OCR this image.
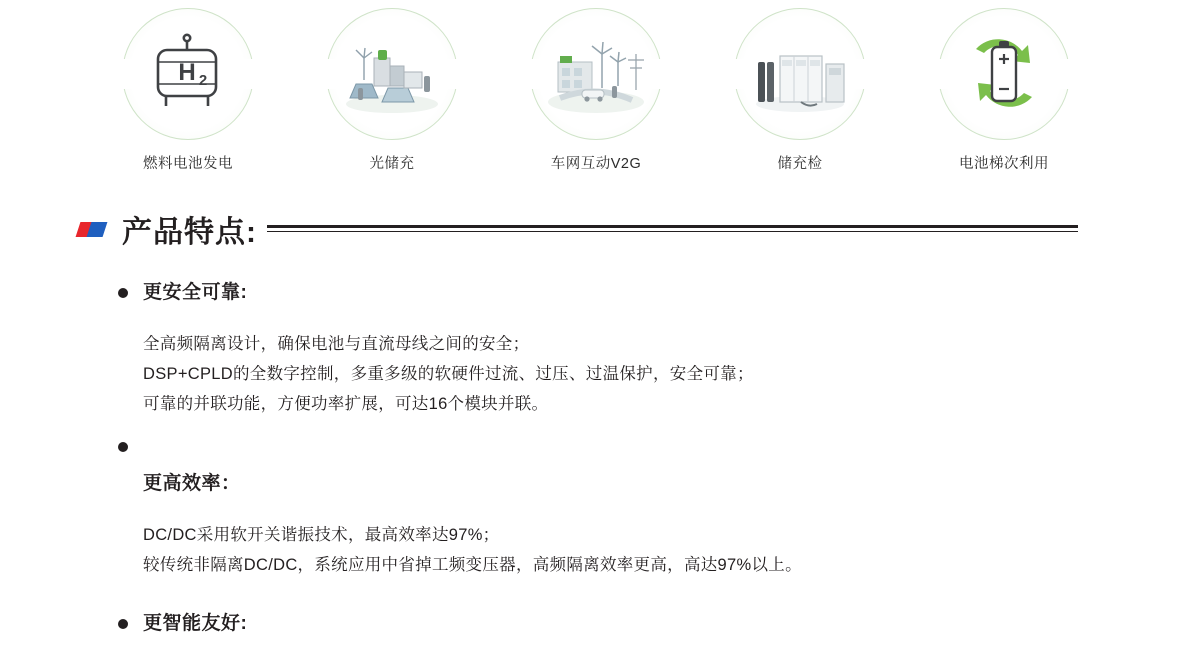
H 2
燃料电池发电	光储充	车网互动V2G	储充检	电池梯次利用
产品特点:
更安全可靠:
全高频隔离设计，确保电池与直流母线之间的安全；
DSP+CPLD的全数字控制，多重多级的软硬件过流、过压、过温保护，安全可靠；
可靠的并联功能，方便功率扩展，可达16个模块并联。
更高效率：
DC/DC采用软开关谐振技术，最高效率达97%；
较传统非隔离DC/DC，系统应用中省掉工频变压器，高频隔离效率更高，高达97%以上。
更智能友好:
